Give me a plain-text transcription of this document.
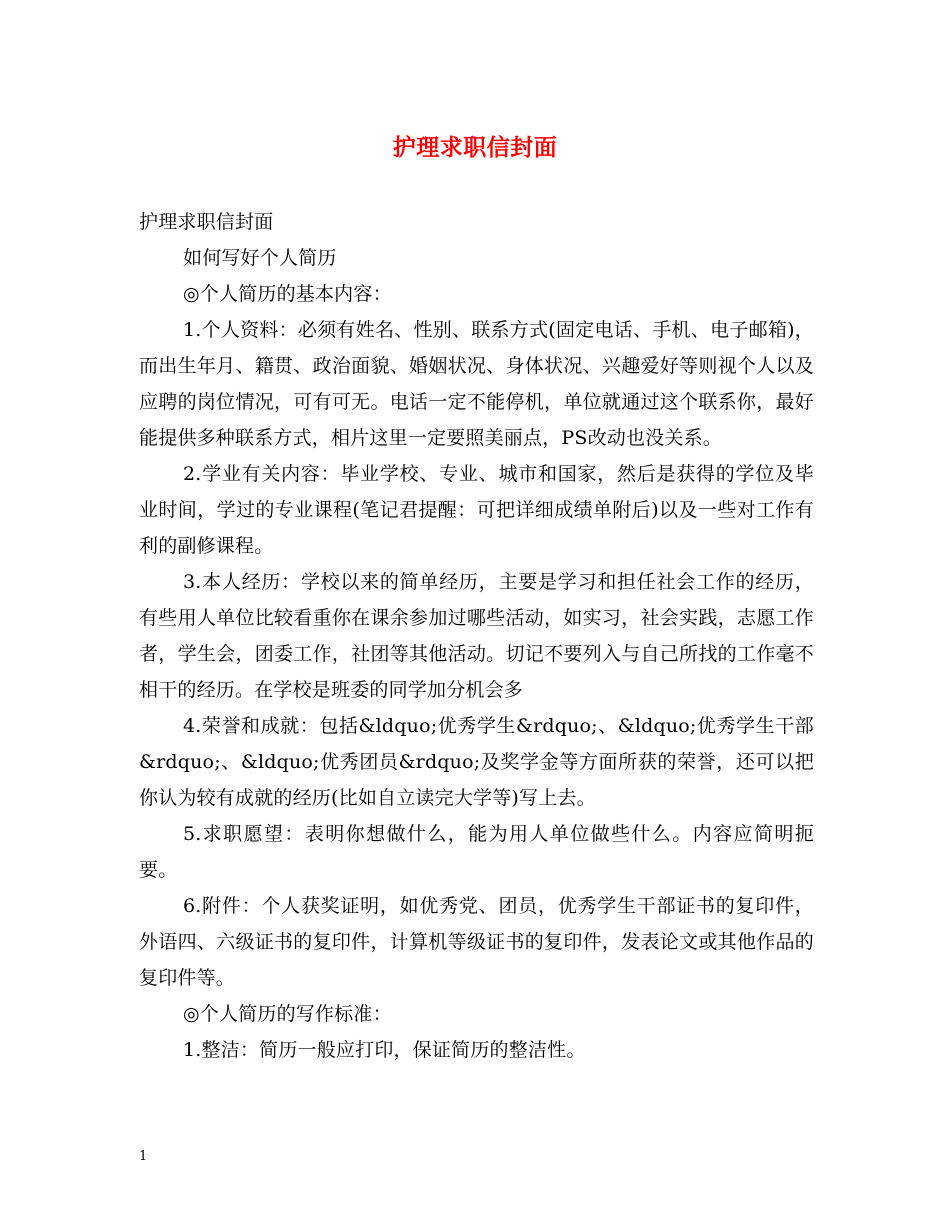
护理求职信封面

护理求职信封面

如何写好个人简历

◎个人简历的基本内容：

1.个人资料：必须有姓名、性别、联系方式(固定电话、手机、电子邮箱)，而出生年月、籍贯、政治面貌、婚姻状况、身体状况、兴趣爱好等则视个人以及应聘的岗位情况，可有可无。电话一定不能停机，单位就通过这个联系你，最好能提供多种联系方式，相片这里一定要照美丽点，PS改动也没关系。

2.学业有关内容：毕业学校、专业、城市和国家，然后是获得的学位及毕业时间，学过的专业课程(笔记君提醒：可把详细成绩单附后)以及一些对工作有利的副修课程。

3.本人经历：学校以来的简单经历，主要是学习和担任社会工作的经历，有些用人单位比较看重你在课余参加过哪些活动，如实习，社会实践，志愿工作者，学生会，团委工作，社团等其他活动。切记不要列入与自己所找的工作毫不相干的经历。在学校是班委的同学加分机会多

4.荣誉和成就：包括&ldquo;优秀学生&rdquo;、&ldquo;优秀学生干部&rdquo;、&ldquo;优秀团员&rdquo;及奖学金等方面所获的荣誉，还可以把你认为较有成就的经历(比如自立读完大学等)写上去。

5.求职愿望：表明你想做什么，能为用人单位做些什么。内容应简明扼要。

6.附件：个人获奖证明，如优秀党、团员，优秀学生干部证书的复印件，外语四、六级证书的复印件，计算机等级证书的复印件，发表论文或其他作品的复印件等。

◎个人简历的写作标准：

1.整洁：简历一般应打印，保证简历的整洁性。

1
